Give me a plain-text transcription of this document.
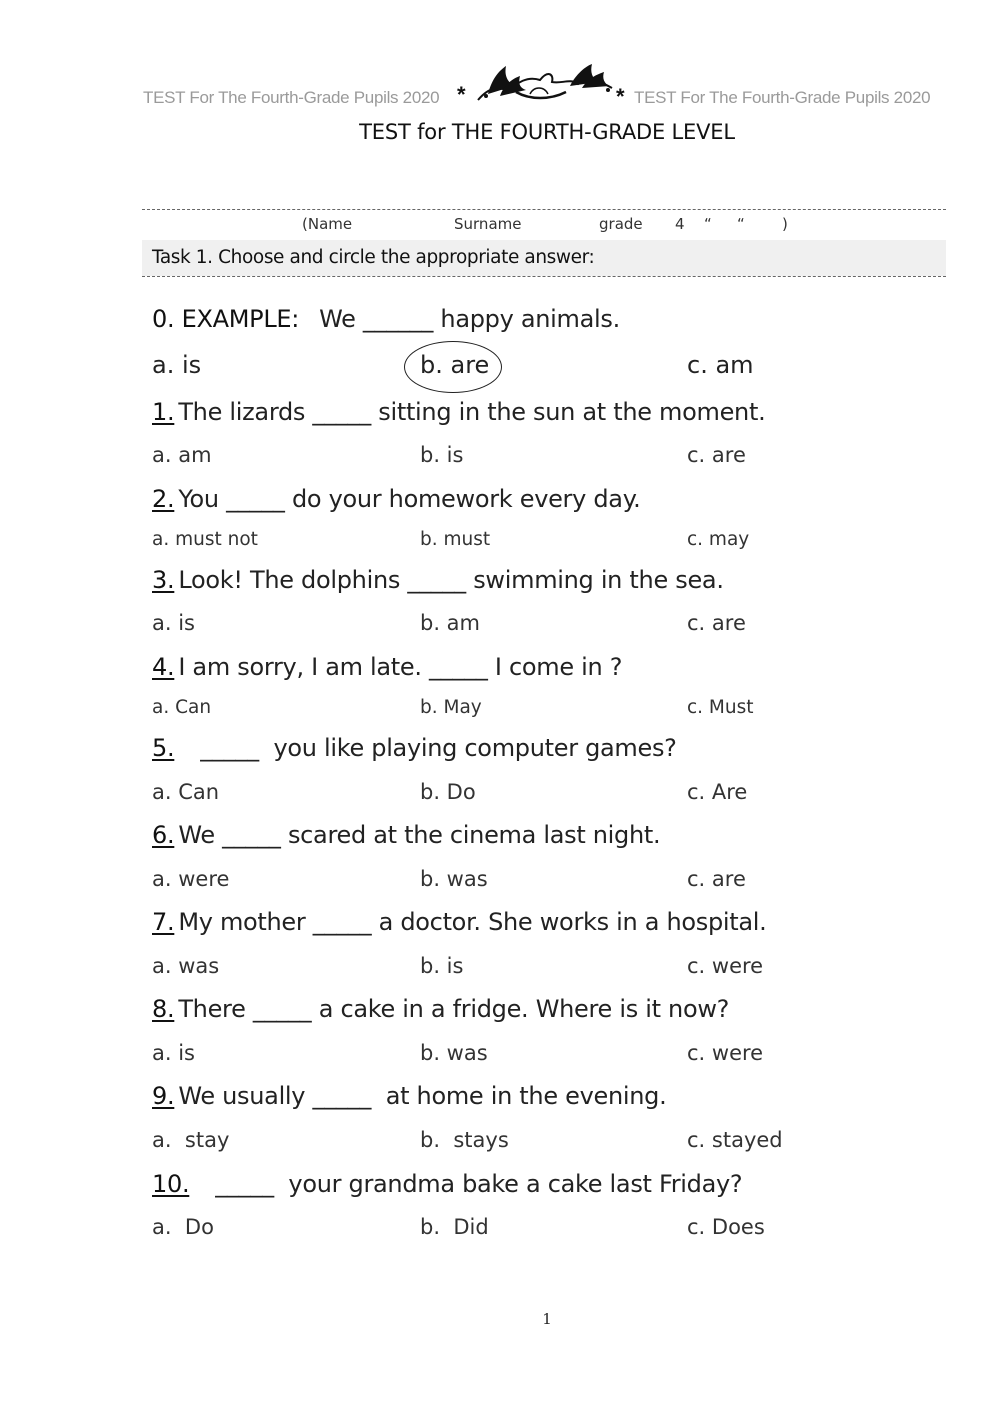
TEST For The Fourth-Grade Pupils 2020 *	* TEST For The Fourth-Grade Pupils 2020
TEST for THE FOURTH-GRADE LEVEL
(Name	Surname	grade 4 “ “ )
Task 1. Choose and circle the appropriate answer:
0. EXAMPLE: We ______ happy animals.
a. is	b. are	c. am
1. The lizards _____ sitting in the sun at the moment.
a. am	b. is	c. are
2. You _____ do your homework every day.
a. must not	b. must	c. may
3. Look! The dolphins _____ swimming in the sea.
a. is	b. am	c. are
4. I am sorry, I am late. _____ I come in ?
a. Can	b. May	c. Must
5.   _____  you like playing computer games?
a. Can	b. Do	c. Are
6. We _____ scared at the cinema last night.
a. were	b. was	c. are
7. My mother _____ a doctor. She works in a hospital.
a. was	b. is	c. were
8. There _____ a cake in a fridge. Where is it now?
a. is	b. was	c. were
9. We usually _____  at home in the evening.
a.  stay	b.  stays	c. stayed
10.   _____  your grandma bake a cake last Friday?
a.  Do	b.  Did	c. Does
1
